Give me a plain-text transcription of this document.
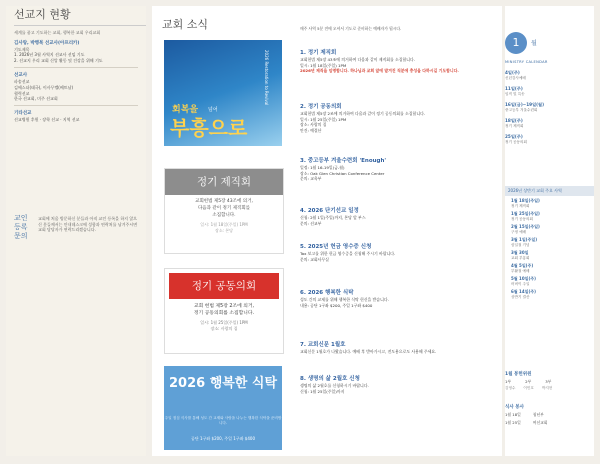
선교지 현황
세계를 품고 기도하는 교회, 행복한 교회 우리교회
김사랑, 박행복 선교사(아프리카)
기도제목
1. 2026년 3월 사역지 선교사 선임 기도
2. 선교지 우리 교회 신앙 활동 및 건강을 위해 기도
선교사
파송선교
김에스더(태국), 이사무엘(베트남)
협력선교
한국 선교회, 미주 선교회
기타선교
선교병원 후원 · 장학 선교 · 지역 선교
교인 등록 문의
교회에 처음 방문하신 분들과 아직 교인 등록을 하지 않으신 분들께서는 안내데스크에 성함과 연락처를 남겨주시면 교회 담당자가 연락드리겠습니다.
교회 소식
2026 Restoration to Revival
회복을 넘어
부흥으로
정기 제직회
교회헌법 제5장 43조에 의거,
다음과 같이 정기 제직회를
소집합니다.
일시: 1월 18일(주일) 1PM
장소: 본당
정기 공동의회
교회 헌법 제5장 2조에 의거,
정기 공동의회를 소집합니다.
일시: 1월 25일(주일) 1PM
장소: 사랑의 집
2026 행복한 식탁
주일 점심 식사를 통해 성도 간 교제와 사랑을 나누는 행복한 식탁을 준비합니다.
공단 1구좌 $200, 주일 1구좌 $400
매주 사역 5분 전에 오셔서 기도로 준비하는 예배자가 됩시다.
1. 정기 제직회
교회헌법 제5장 43조에 의거하여 다음과 같이 제직회를 소집합니다.
일시: 1월 18일(주일) 1PM
2026년 제직을 임명합니다. 하나님과 교회 앞에 맡겨진 직분에 충성을 다하시길 기도합니다.
2. 정기 공동의회
교회헌법 제5장 2조에 의거하여 다음과 같이 정기 공동의회를 소집합니다.
일시: 1월 25일(주일) 1PM
장소: 사랑의 집
안건: 예결산
3. 중고등부 겨울수련회 'Enough'
일정: 1월 16-19일(금-월)
장소: Oak Glen Christian Conference Center
문의: 교육부
4. 2026 단기선교 일정
신청: 2월 1일(주일)까지, 본당 앞 부스
문의: 선교부
5. 2025년 헌금 영수증 신청
Tax 보고를 위한 헌금 영수증을 신청해 주시기 바랍니다.
문의: 교회사무실
6. 2026 행복한 식탁
성도 간의 교제를 위해 행복한 식탁 헌신을 받습니다.
내용: 공단 1구좌 $200, 주일 1구좌 $400
7. 교회신문 1월호
교회신문 1월호가 나왔습니다. 예배 후 받아가시고, 전도용으로도 사용해 주세요.
8. 생명의 삶 2월호 신청
생명의 삶 2월호를 신청하시기 바랍니다.
신청: 1월 25일(주일)까지
1	월
MINISTRY CALENDAR
4일(주)
신년감사예배
11일(주)
임직 및 특송
16일(금)~19일(월)
중고등부 겨울수련회
18일(주)
정기 제직회
25일(주)
정기 공동의회
2026년 상반기 교회 주요 사역
1월 18일(주일)
정기 제직회
1월 25일(주일)
정기 공동의회
2월 15일(주일)
구정 예배
3월 1일(주일)
삼일절 기념
3월 30일
교회 부흥회
4월 5일(주)
부활절 예배
5월 10일(주)
어버이 주일
6월 14일(주)
상반기 결산
1월 봉헌위원
1부	2부	3부
김영수 이민호 박지현
식사 봉사
1월 18일	청년부
1월 25일	여선교회
